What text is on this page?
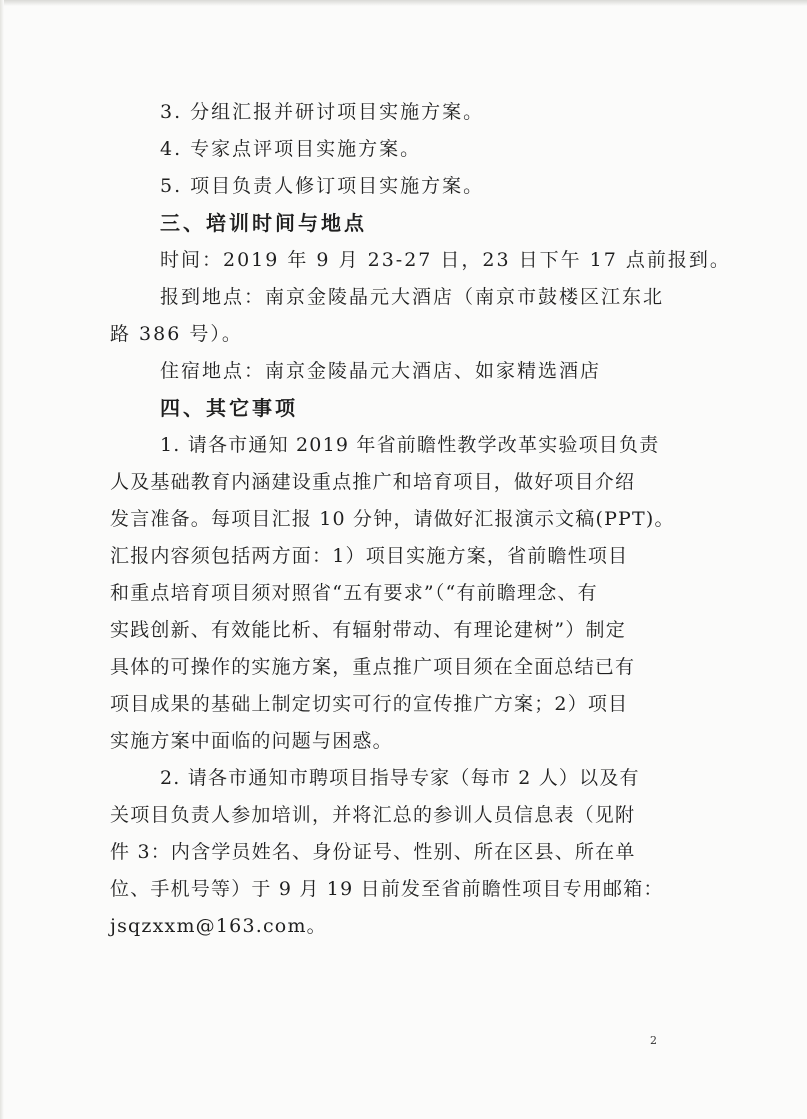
3. 分组汇报并研讨项目实施方案。
4. 专家点评项目实施方案。
5. 项目负责人修订项目实施方案。
三、培训时间与地点
时间：2019 年 9 月 23-27 日，23 日下午 17 点前报到。
报到地点：南京金陵晶元大酒店（南京市鼓楼区江东北
路 386 号）。
住宿地点：南京金陵晶元大酒店、如家精选酒店
四、其它事项
1. 请各市通知 2019 年省前瞻性教学改革实验项目负责
人及基础教育内涵建设重点推广和培育项目，做好项目介绍
发言准备。每项目汇报 10 分钟，请做好汇报演示文稿(PPT)。
汇报内容须包括两方面：1）项目实施方案，省前瞻性项目
和重点培育项目须对照省“五有要求”（“有前瞻理念、有
实践创新、有效能比析、有辐射带动、有理论建树”）制定
具体的可操作的实施方案，重点推广项目须在全面总结已有
项目成果的基础上制定切实可行的宣传推广方案；2）项目
实施方案中面临的问题与困惑。
2. 请各市通知市聘项目指导专家（每市 2 人）以及有
关项目负责人参加培训，并将汇总的参训人员信息表（见附
件 3：内含学员姓名、身份证号、性别、所在区县、所在单
位、手机号等）于 9 月 19 日前发至省前瞻性项目专用邮箱：
jsqzxxm@163.com。
2
